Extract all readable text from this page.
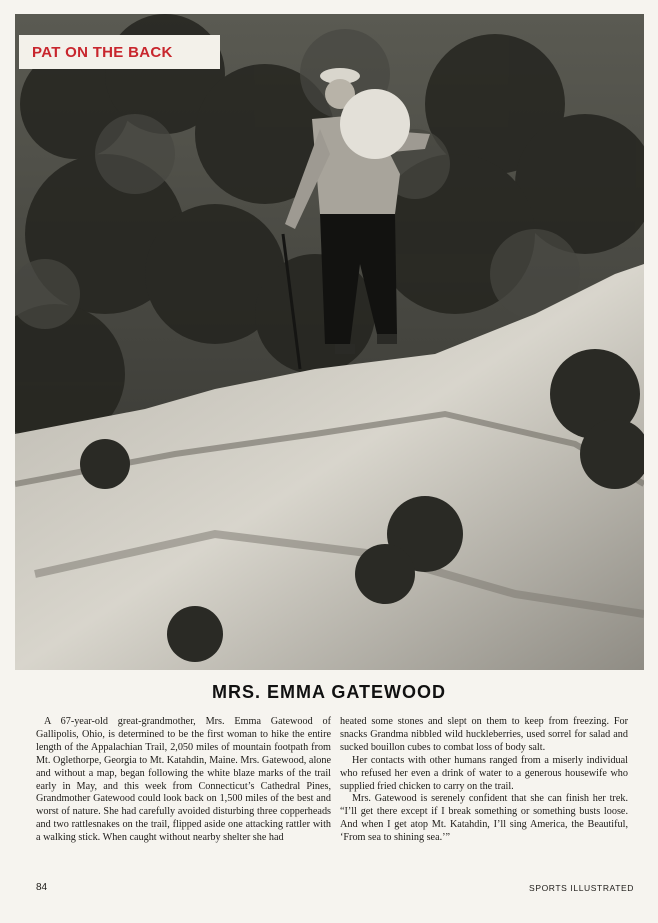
PAT ON THE BACK
MRS. EMMA GATEWOOD

A 67-year-old great-grandmother, Mrs. Emma Gatewood of Gallipolis, Ohio, is determined to be the first woman to hike the entire length of the Appalachian Trail, 2,050 miles of mountain footpath from Mt. Oglethorpe, Georgia to Mt. Katahdin, Maine. Mrs. Gatewood, alone and without a map, began following the white blaze marks of the trail early in May, and this week from Connecticut’s Cathedral Pines, Grandmother Gatewood could look back on 1,500 miles of the best and worst of nature. She had carefully avoided disturbing three copperheads and two rattlesnakes on the trail, flipped aside one attacking rattler with a walking stick. When caught without nearby shelter she had

heated some stones and slept on them to keep from freezing. For snacks Grandma nibbled wild huckleberries, used sorrel for salad and sucked bouillon cubes to combat loss of body salt.

Her contacts with other humans ranged from a miserly individual who refused her even a drink of water to a generous housewife who supplied fried chicken to carry on the trail.

Mrs. Gatewood is serenely confident that she can finish her trek. “I’ll get there except if I break something or something busts loose. And when I get atop Mt. Katahdin, I’ll sing America, the Beautiful, ‘From sea to shining sea.’”

84	SPORTS ILLUSTRATED
